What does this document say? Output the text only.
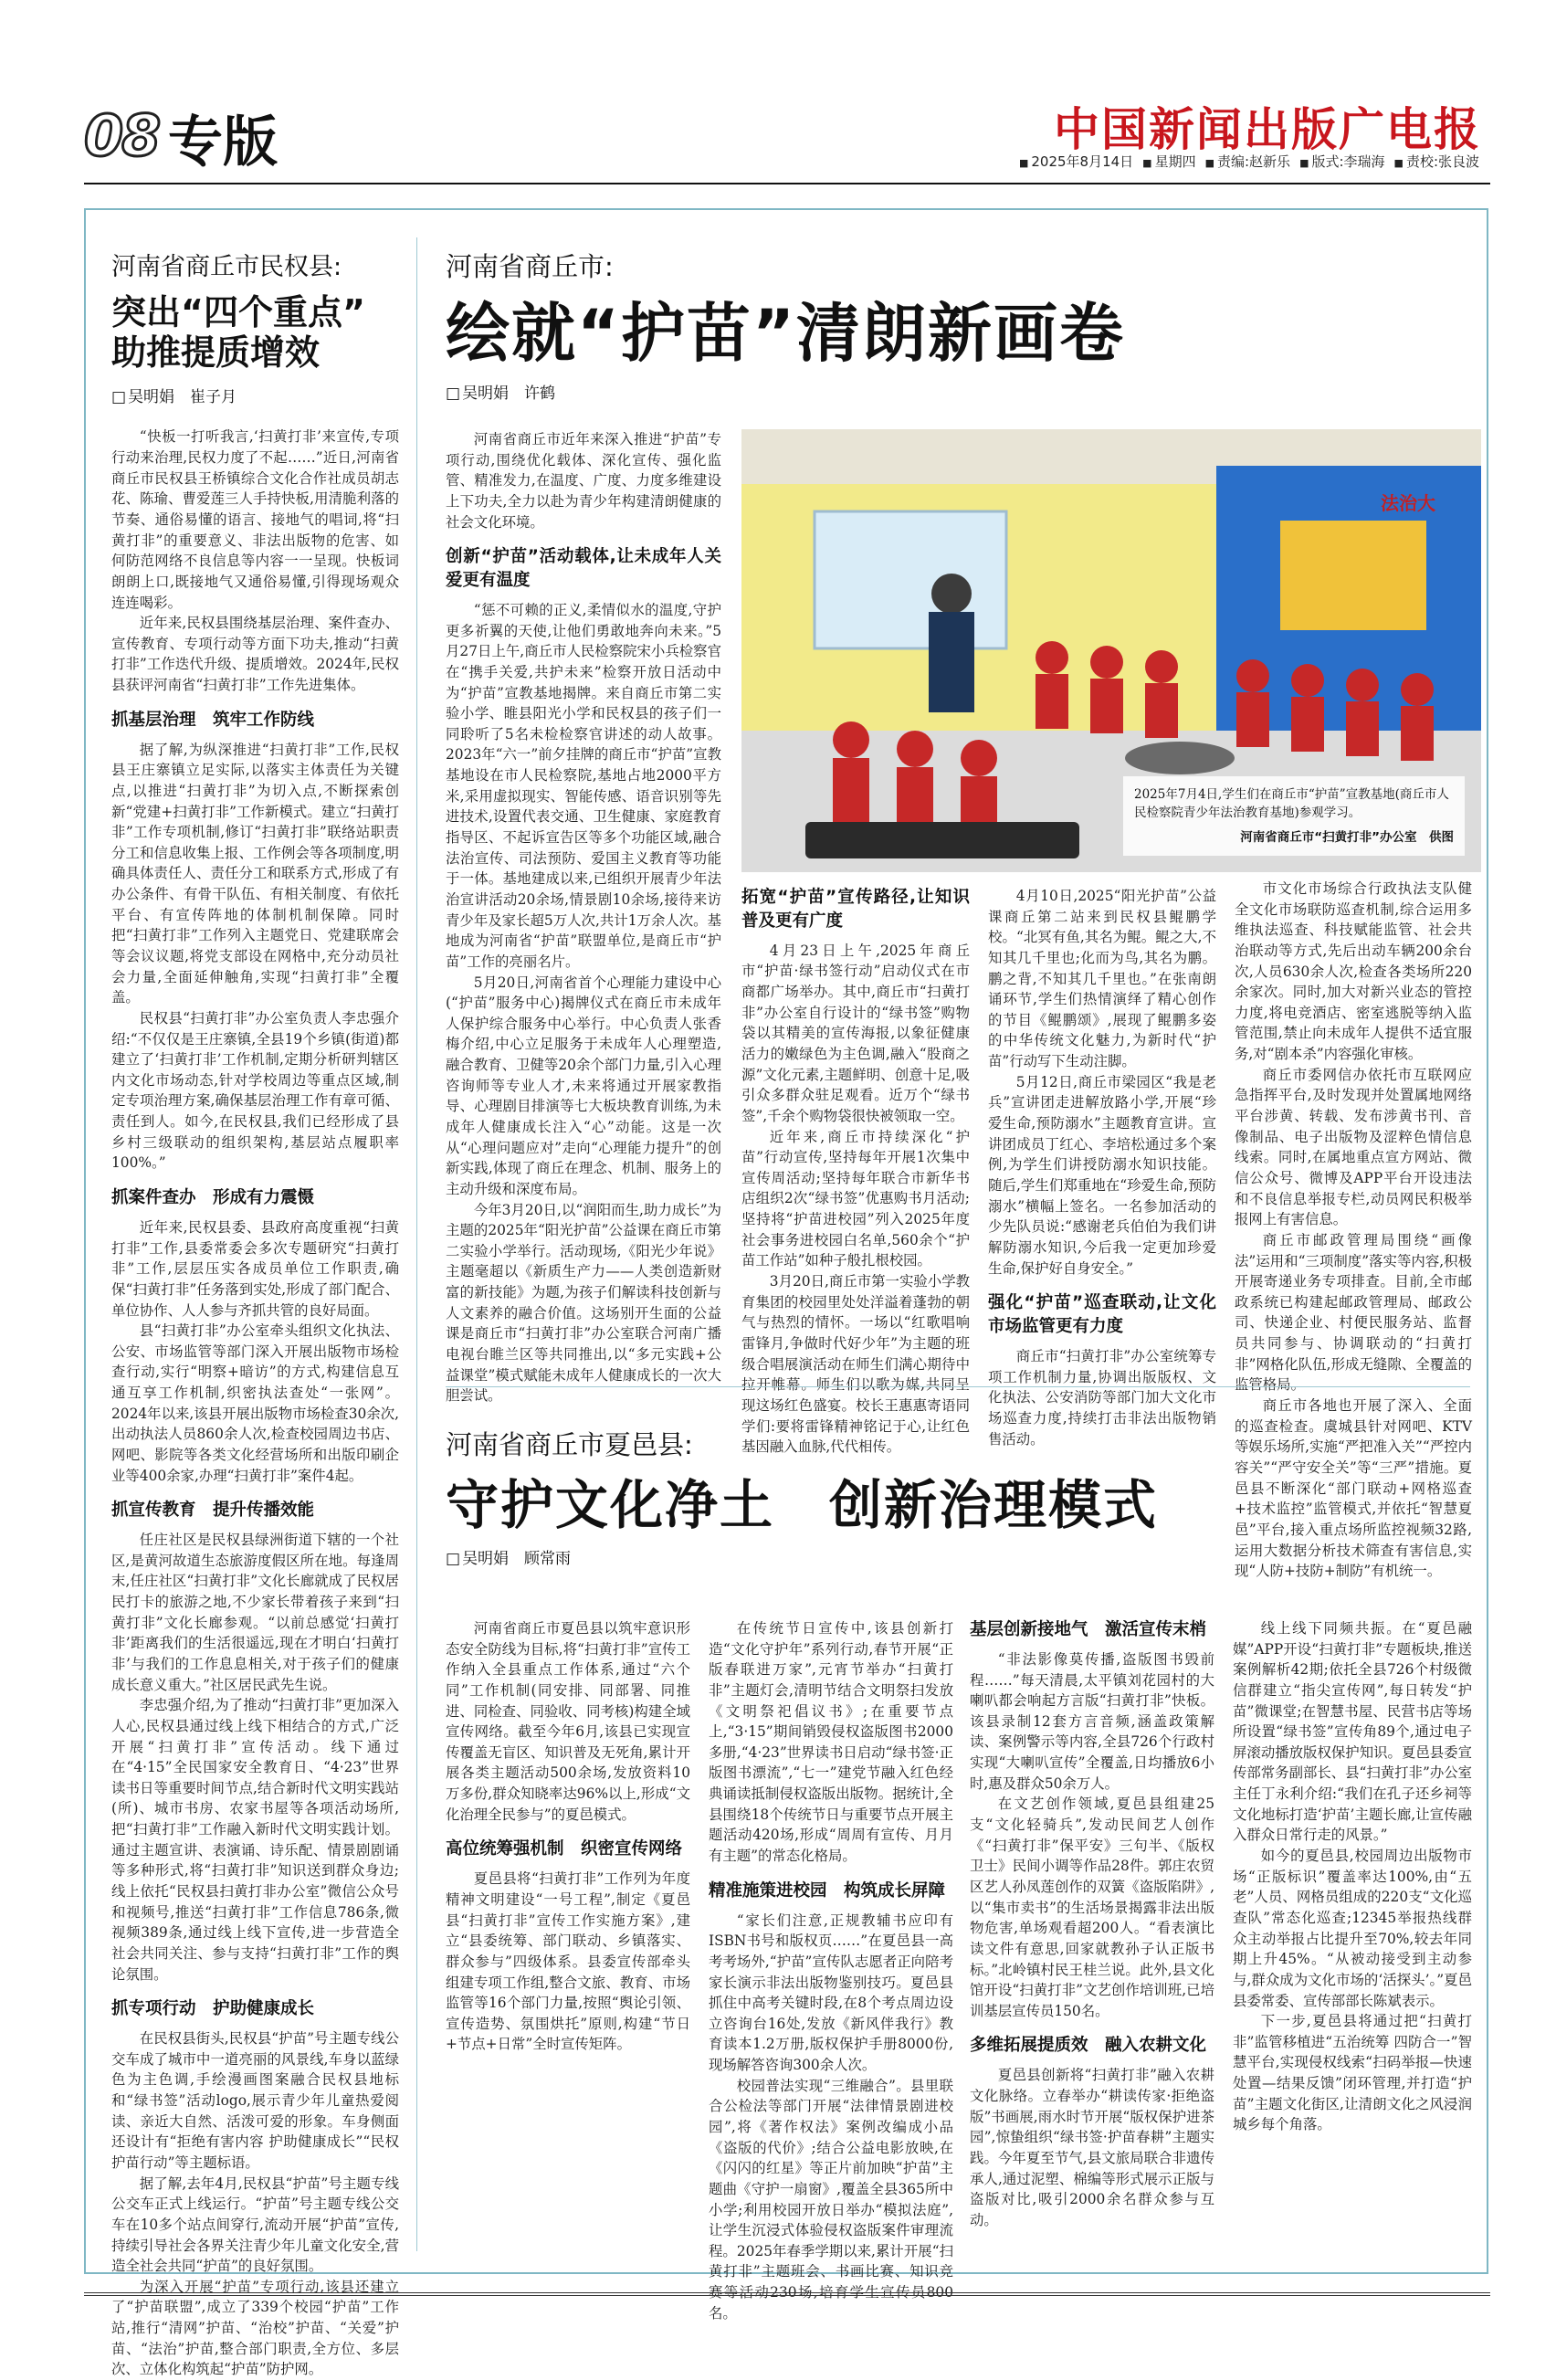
08 专版	中国新闻出版广电报
■ 2025年8月14日	■ 星期四	■ 责编:赵新乐	■ 版式:李瑞海	■ 责校:张良波
河南省商丘市民权县:
突出“四个重点”
助推提质增效
□ 吴明娟　崔子月

“快板一打听我言,‘扫黄打非’来宣传,专项行动来治理,民权力度了不起……”近日,河南省商丘市民权县王桥镇综合文化合作社成员胡志花、陈瑜、曹爱莲三人手持快板,用清脆利落的节奏、通俗易懂的语言、接地气的唱词,将“扫黄打非”的重要意义、非法出版物的危害、如何防范网络不良信息等内容一一呈现。快板词朗朗上口,既接地气又通俗易懂,引得现场观众连连喝彩。

近年来,民权县围绕基层治理、案件查办、宣传教育、专项行动等方面下功夫,推动“扫黄打非”工作迭代升级、提质增效。2024年,民权县获评河南省“扫黄打非”工作先进集体。

抓基层治理　筑牢工作防线

据了解,为纵深推进“扫黄打非”工作,民权县王庄寨镇立足实际,以落实主体责任为关键点,以推进“扫黄打非”为切入点,不断探索创新“党建+扫黄打非”工作新模式。建立“扫黄打非”工作专项机制,修订“扫黄打非”联络站职责分工和信息收集上报、工作例会等各项制度,明确具体责任人、责任分工和联系方式,形成了有办公条件、有骨干队伍、有相关制度、有依托平台、有宣传阵地的体制机制保障。同时把“扫黄打非”工作列入主题党日、党建联席会等会议议题,将党支部设在网格中,充分动员社会力量,全面延伸触角,实现“扫黄打非”全覆盖。

民权县“扫黄打非”办公室负责人李忠强介绍:“不仅仅是王庄寨镇,全县19个乡镇(街道)都建立了‘扫黄打非’工作机制,定期分析研判辖区内文化市场动态,针对学校周边等重点区域,制定专项治理方案,确保基层治理工作有章可循、责任到人。如今,在民权县,我们已经形成了县乡村三级联动的组织架构,基层站点履职率100%。”

抓案件查办　形成有力震慑

近年来,民权县委、县政府高度重视“扫黄打非”工作,县委常委会多次专题研究“扫黄打非”工作,层层压实各成员单位工作职责,确保“扫黄打非”任务落到实处,形成了部门配合、单位协作、人人参与齐抓共管的良好局面。

县“扫黄打非”办公室牵头组织文化执法、公安、市场监管等部门深入开展出版物市场检查行动,实行“明察+暗访”的方式,构建信息互通互享工作机制,织密执法查处“一张网”。2024年以来,该县开展出版物市场检查30余次,出动执法人员860余人次,检查校园周边书店、网吧、影院等各类文化经营场所和出版印刷企业等400余家,办理“扫黄打非”案件4起。

抓宣传教育　提升传播效能

任庄社区是民权县绿洲街道下辖的一个社区,是黄河故道生态旅游度假区所在地。每逢周末,任庄社区“扫黄打非”文化长廊就成了民权居民打卡的旅游之地,不少家长带着孩子来到“扫黄打非”文化长廊参观。“以前总感觉‘扫黄打非’距离我们的生活很遥远,现在才明白‘扫黄打非’与我们的工作息息相关,对于孩子们的健康成长意义重大。”社区居民武先生说。

李忠强介绍,为了推动“扫黄打非”更加深入人心,民权县通过线上线下相结合的方式,广泛开展“扫黄打非”宣传活动。线下通过在“4·15”全民国家安全教育日、“4·23”世界读书日等重要时间节点,结合新时代文明实践站(所)、城市书房、农家书屋等各项活动场所,把“扫黄打非”工作融入新时代文明实践计划。通过主题宣讲、表演诵、诗乐配、情景剧剧诵等多种形式,将“扫黄打非”知识送到群众身边;线上依托“民权县扫黄打非办公室”微信公众号和视频号,推送“扫黄打非”工作信息786条,微视频389条,通过线上线下宣传,进一步营造全社会共同关注、参与支持“扫黄打非”工作的舆论氛围。

抓专项行动　护助健康成长

在民权县街头,民权县“护苗”号主题专线公交车成了城市中一道亮丽的风景线,车身以蓝绿色为主色调,手绘漫画图案融合民权县地标和“绿书签”活动logo,展示青少年儿童热爱阅读、亲近大自然、活泼可爱的形象。车身侧面还设计有“拒绝有害内容 护助健康成长”“民权护苗行动”等主题标语。

据了解,去年4月,民权县“护苗”号主题专线公交车正式上线运行。“护苗”号主题专线公交车在10多个站点间穿行,流动开展“护苗”宣传,持续引导社会各界关注青少年儿童文化安全,营造全社会共同“护苗”的良好氛围。

为深入开展“护苗”专项行动,该县还建立了“护苗联盟”,成立了339个校园“护苗”工作站,推行“清网”护苗、“治校”护苗、“关爱”护苗、“法治”护苗,整合部门职责,全方位、多层次、立体化构筑起“护苗”防护网。

河南省商丘市:
绘就“护苗”清朗新画卷
□ 吴明娟　许鹤

河南省商丘市近年来深入推进“护苗”专项行动,围绕优化载体、深化宣传、强化监管、精准发力,在温度、广度、力度多维建设上下功夫,全力以赴为青少年构建清朗健康的社会文化环境。

创新“护苗”活动载体,让未成年人关爱更有温度

“惩不可赖的正义,柔情似水的温度,守护更多祈翼的天使,让他们勇敢地奔向未来。”5月27日上午,商丘市人民检察院宋小兵检察官在“携手关爱,共护未来”检察开放日活动中为“护苗”宣教基地揭牌。来自商丘市第二实验小学、睢县阳光小学和民权县的孩子们一同聆听了5名未检检察官讲述的动人故事。2023年“六一”前夕挂牌的商丘市“护苗”宣教基地设在市人民检察院,基地占地2000平方米,采用虚拟现实、智能传感、语音识别等先进技术,设置代表交通、卫生健康、家庭教育指导区、不起诉宣告区等多个功能区域,融合法治宣传、司法预防、爱国主义教育等功能于一体。基地建成以来,已组织开展青少年法治宣讲活动20余场,情景剧10余场,接待来访青少年及家长超5万人次,共计1万余人次。基地成为河南省“护苗”联盟单位,是商丘市“护苗”工作的亮丽名片。

5月20日,河南省首个心理能力建设中心(“护苗”服务中心)揭牌仪式在商丘市未成年人保护综合服务中心举行。中心负责人张香梅介绍,中心立足服务于未成年人心理塑造,融合教育、卫健等20余个部门力量,引入心理咨询师等专业人才,未来将通过开展家教指导、心理剧目排演等七大板块教育训练,为未成年人健康成长注入“心”动能。这是一次从“心理问题应对”走向“心理能力提升”的创新实践,体现了商丘在理念、机制、服务上的主动升级和深度布局。

今年3月20日,以“润阳而生,助力成长”为主题的2025年“阳光护苗”公益课在商丘市第二实验小学举行。活动现场,《阳光少年说》主题毫超以《新质生产力——人类创造新财富的新技能》为题,为孩子们解读科技创新与人文素养的融合价值。这场别开生面的公益课是商丘市“扫黄打非”办公室联合河南广播电视台睢兰区等共同推出,以“多元实践+公益课堂”模式赋能未成年人健康成长的一次大胆尝试。

法治大
2025年7月4日,学生们在商丘市“护苗”宣教基地(商丘市人民检察院青少年法治教育基地)参观学习。
河南省商丘市“扫黄打非”办公室　供图
拓宽“护苗”宣传路径,让知识普及更有广度

4月23日上午,2025年商丘市“护苗·绿书签行动”启动仪式在市商都广场举办。其中,商丘市“扫黄打非”办公室自行设计的“绿书签”购物袋以其精美的宣传海报,以象征健康活力的嫩绿色为主色调,融入“股商之源”文化元素,主题鲜明、创意十足,吸引众多群众驻足观看。近万个“绿书签”,千余个购物袋很快被领取一空。

近年来,商丘市持续深化“护苗”行动宣传,坚持每年开展1次集中宣传周活动;坚持每年联合市新华书店组织2次“绿书签”优惠购书月活动;坚持将“护苗进校园”列入2025年度社会事务进校园白名单,560余个“护苗工作站”如种子般扎根校园。

3月20日,商丘市第一实验小学教育集团的校园里处处洋溢着蓬勃的朝气与热烈的情怀。一场以“红歌唱响雷锋月,争做时代好少年”为主题的班级合唱展演活动在师生们满心期待中拉开帷幕。师生们以歌为媒,共同呈现这场红色盛宴。校长王惠惠寄语同学们:要将雷锋精神铭记于心,让红色基因融入血脉,代代相传。

4月10日,2025“阳光护苗”公益课商丘第二站来到民权县鲲鹏学校。“北冥有鱼,其名为鲲。鲲之大,不知其几千里也;化而为鸟,其名为鹏。鹏之背,不知其几千里也。”在张南朗诵环节,学生们热情演绎了精心创作的节目《鲲鹏颂》,展现了鲲鹏多姿的中华传统文化魅力,为新时代“护苗”行动写下生动注脚。

5月12日,商丘市梁园区“我是老兵”宣讲团走进解放路小学,开展“珍爱生命,预防溺水”主题教育宣讲。宣讲团成员丁红心、李培松通过多个案例,为学生们讲授防溺水知识技能。随后,学生们郑重地在“珍爱生命,预防溺水”横幅上签名。一名参加活动的少先队员说:“感谢老兵伯伯为我们讲解防溺水知识,今后我一定更加珍爱生命,保护好自身安全。”

强化“护苗”巡查联动,让文化市场监管更有力度

商丘市“扫黄打非”办公室统筹专项工作机制力量,协调出版版权、文化执法、公安消防等部门加大文化市场巡查力度,持续打击非法出版物销售活动。

市文化市场综合行政执法支队健全文化市场联防巡查机制,综合运用多维执法巡查、科技赋能监管、社会共治联动等方式,先后出动车辆200余台次,人员630余人次,检查各类场所220余家次。同时,加大对新兴业态的管控力度,将电竞酒店、密室逃脱等纳入监管范围,禁止向未成年人提供不适宜服务,对“剧本杀”内容强化审核。

商丘市委网信办依托市互联网应急指挥平台,及时发现并处置属地网络平台涉黄、转载、发布涉黄书刊、音像制品、电子出版物及涩粹色情信息线索。同时,在属地重点宣方网站、微信公众号、微博及APP平台开设违法和不良信息举报专栏,动员网民积极举报网上有害信息。

商丘市邮政管理局围绕“画像法”运用和“三项制度”落实等内容,积极开展寄递业务专项排查。目前,全市邮政系统已构建起邮政管理局、邮政公司、快递企业、村便民服务站、监督员共同参与、协调联动的“扫黄打非”网格化队伍,形成无缝隙、全覆盖的监管格局。

商丘市各地也开展了深入、全面的巡查检查。虞城县针对网吧、KTV等娱乐场所,实施“严把准入关”“严控内容关”“严守安全关”等“三严”措施。夏邑县不断深化“部门联动+网格巡查+技术监控”监管模式,并依托“智慧夏邑”平台,接入重点场所监控视频32路,运用大数据分析技术筛查有害信息,实现“人防+技防+制防”有机统一。

河南省商丘市夏邑县:
守护文化净土　创新治理模式
□ 吴明娟　顾常雨

河南省商丘市夏邑县以筑牢意识形态安全防线为目标,将“扫黄打非”宣传工作纳入全县重点工作体系,通过“六个同”工作机制(同安排、同部署、同推进、同检查、同验收、同考核)构建全域宣传网络。截至今年6月,该县已实现宣传覆盖无盲区、知识普及无死角,累计开展各类主题活动500余场,发放资料10万多份,群众知晓率达96%以上,形成“文化治理全民参与”的夏邑模式。

高位统筹强机制　织密宣传网络

夏邑县将“扫黄打非”工作列为年度精神文明建设“一号工程”,制定《夏邑县“扫黄打非”宣传工作实施方案》,建立“县委统筹、部门联动、乡镇落实、群众参与”四级体系。县委宣传部牵头组建专项工作组,整合文旅、教育、市场监管等16个部门力量,按照“舆论引领、宣传造势、氛围烘托”原则,构建“节日+节点+日常”全时宣传矩阵。

在传统节日宣传中,该县创新打造“文化守护年”系列行动,春节开展“正版春联进万家”,元宵节举办“扫黄打非”主题灯会,清明节结合文明祭扫发放《文明祭祀倡议书》;在重要节点上,“3·15”期间销毁侵权盗版图书2000多册,“4·23”世界读书日启动“绿书签·正版图书漂流”,“七一”建党节融入红色经典诵读抵制侵权盗版出版物。据统计,全县围绕18个传统节日与重要节点开展主题活动420场,形成“周周有宣传、月月有主题”的常态化格局。

精准施策进校园　构筑成长屏障

“家长们注意,正规教辅书应印有ISBN书号和版权页……”在夏邑县一高考考场外,“护苗”宣传队志愿者正向陪考家长演示非法出版物鉴别技巧。夏邑县抓住中高考关键时段,在8个考点周边设立咨询台16处,发放《新风伴我行》教育读本1.2万册,版权保护手册8000份,现场解答咨询300余人次。

校园普法实现“三维融合”。县里联合公检法等部门开展“法律情景剧进校园”,将《著作权法》案例改编成小品《盗版的代价》;结合公益电影放映,在《闪闪的红星》等正片前加映“护苗”主题曲《守护一扇窗》,覆盖全县365所中小学;利用校园开放日举办“模拟法庭”,让学生沉浸式体验侵权盗版案件审理流程。2025年春季学期以来,累计开展“扫黄打非”主题班会、书画比赛、知识竞赛等活动230场,培育学生宣传员800名。

基层创新接地气　激活宣传末梢

“非法影像莫传播,盗版图书毁前程……”每天清晨,太平镇刘花园村的大喇叭都会响起方言版“扫黄打非”快板。该县录制12套方言音频,涵盖政策解读、案例警示等内容,全县726个行政村实现“大喇叭宣传”全覆盖,日均播放6小时,惠及群众50余万人。

在文艺创作领域,夏邑县组建25支“文化轻骑兵”,发动民间艺人创作《“扫黄打非”保平安》三句半、《版权卫士》民间小调等作品28件。郭庄农贸区艺人孙凤莲创作的双簧《盗版陷阱》,以“集市卖书”的生活场景揭露非法出版物危害,单场观看超200人。“看表演比读文件有意思,回家就教孙子认正版书标。”北岭镇村民王桂兰说。此外,县文化馆开设“扫黄打非”文艺创作培训班,已培训基层宣传员150名。

多维拓展提质效　融入农耕文化

夏邑县创新将“扫黄打非”融入农耕文化脉络。立春举办“耕读传家·拒绝盗版”书画展,雨水时节开展“版权保护进茶园”,惊蛰组织“绿书签·护苗春耕”主题实践。今年夏至节气,县文旅局联合非遗传承人,通过泥塑、棉编等形式展示正版与盗版对比,吸引2000余名群众参与互动。

线上线下同频共振。在“夏邑融媒”APP开设“扫黄打非”专题板块,推送案例解析42期;依托全县726个村级微信群建立“指尖宣传网”,每日转发“护苗”微课堂;在智慧书屋、民营书店等场所设置“绿书签”宣传角89个,通过电子屏滚动播放版权保护知识。夏邑县委宣传部常务副部长、县“扫黄打非”办公室主任丁永利介绍:“我们在孔子还乡祠等文化地标打造‘护苗’主题长廊,让宣传融入群众日常行走的风景。”

如今的夏邑县,校园周边出版物市场“正版标识”覆盖率达100%,由“五老”人员、网格员组成的220支“文化巡查队”常态化巡查;12345举报热线群众主动举报占比提升至70%,较去年同期上升45%。“从被动接受到主动参与,群众成为文化市场的‘活探头’。”夏邑县委常委、宣传部部长陈斌表示。

下一步,夏邑县将通过把“扫黄打非”监管移植进“五治统筹 四防合一”智慧平台,实现侵权线索“扫码举报—快速处置—结果反馈”闭环管理,并打造“护苗”主题文化街区,让清朗文化之风浸润城乡每个角落。
